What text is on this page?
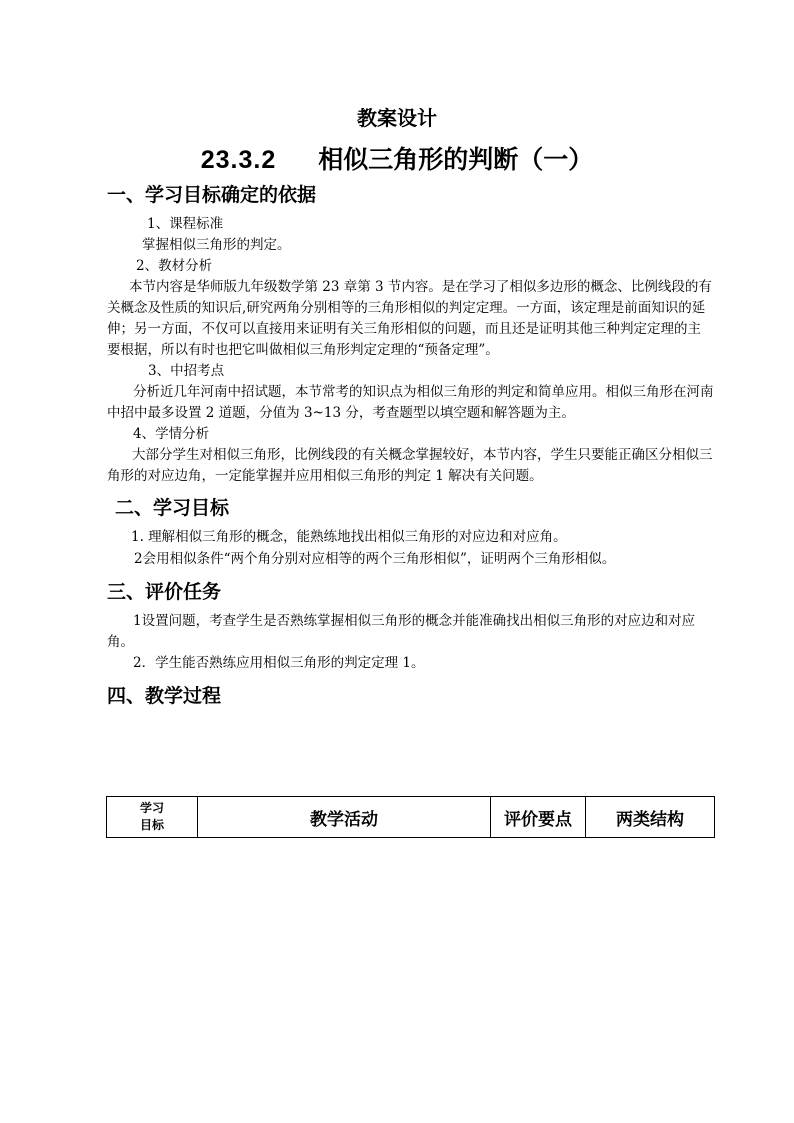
教案设计
23.3.2 相似三角形的判断（一）
一、学习目标确定的依据
1、课程标准
掌握相似三角形的判定。
2、教材分析
本节内容是华师版九年级数学第 23 章第 3 节内容。是在学习了相似多边形的概念、比例线段的有关概念及性质的知识后,研究两角分别相等的三角形相似的判定定理。一方面，该定理是前面知识的延伸；另一方面，不仅可以直接用来证明有关三角形相似的问题，而且还是证明其他三种判定定理的主要根据，所以有时也把它叫做相似三角形判定定理的“预备定理”。
3、中招考点
分析近几年河南中招试题，本节常考的知识点为相似三角形的判定和简单应用。相似三角形在河南中招中最多设置 2 道题，分值为 3~13 分，考查题型以填空题和解答题为主。
4、学情分析
大部分学生对相似三角形，比例线段的有关概念掌握较好，本节内容，学生只要能正确区分相似三角形的对应边角，一定能掌握并应用相似三角形的判定 1 解决有关问题。
二、学习目标
1. 理解相似三角形的概念，能熟练地找出相似三角形的对应边和对应角。
2会用相似条件“两个角分别对应相等的两个三角形相似”，证明两个三角形相似。
三、评价任务
1设置问题，考查学生是否熟练掌握相似三角形的概念并能准确找出相似三角形的对应边和对应角。
2．学生能否熟练应用相似三角形的判定定理 1。
四、教学过程
学习
目标	教学活动	评价要点	两类结构
